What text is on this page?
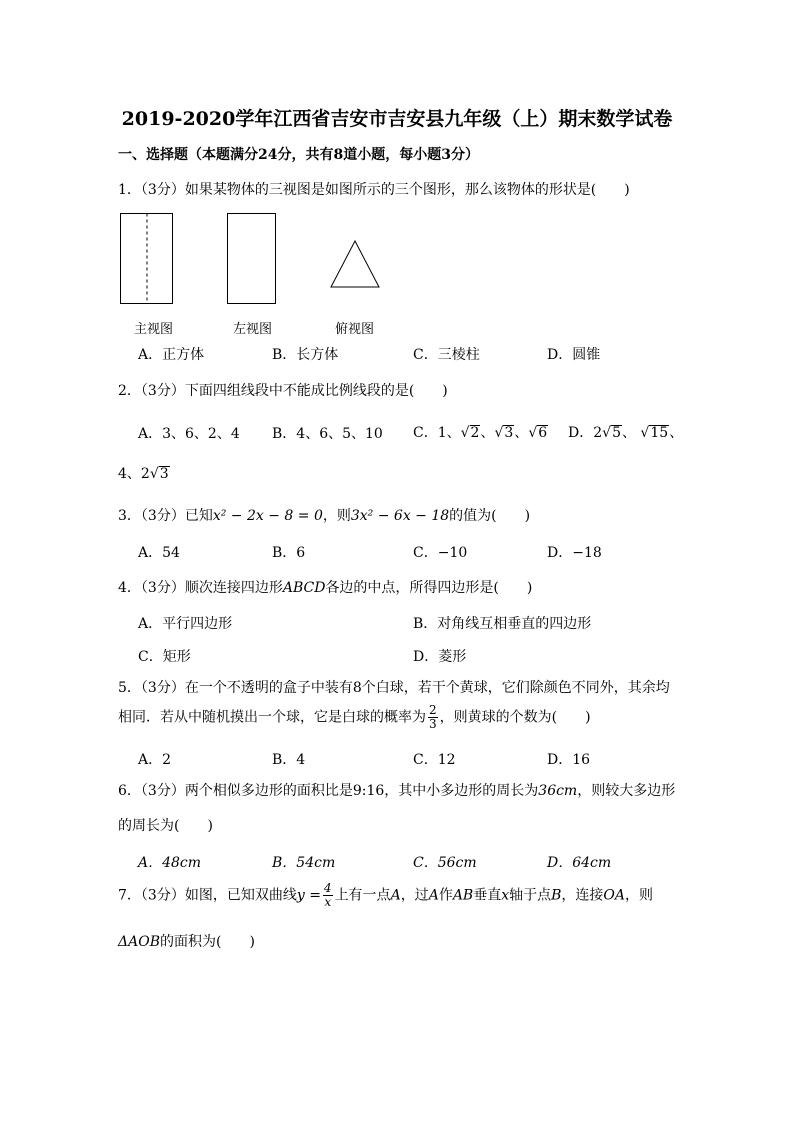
2019-2020学年江西省吉安市吉安县九年级（上）期末数学试卷
一、选择题（本题满分24分，共有8道小题，每小题3分）
1．（3分）如果某物体的三视图是如图所示的三个图形，那么该物体的形状是(　　)
主视图	左视图	俯视图
A．正方体	B．长方体	C．三棱柱	D．圆锥
2．（3分）下面四组线段中不能成比例线段的是(　　)
A．3、6、2、4 B．4、6、5、10 C．1、√2、√3、√6 D．2√5、 √15、
4、2√3
3．（3分）已知x² − 2x − 8 = 0，则3x² − 6x − 18的值为(　　)
A．54	B．6	C．−10	D．−18
4．（3分）顺次连接四边形ABCD各边的中点，所得四边形是(　　)
A．平行四边形	B．对角线互相垂直的四边形
C．矩形	D．菱形
5．（3分）在一个不透明的盒子中装有8个白球，若干个黄球，它们除颜色不同外，其余均
相同．若从中随机摸出一个球，它是白球的概率为 $\frac{2}{3}$ ，则黄球的个数为(　　)
A．2	B．4	C．12	D．16
6．（3分）两个相似多边形的面积比是9:16，其中小多边形的周长为36cm，则较大多边形
的周长为(　　)
A．48cm	B．54cm	C．56cm	D．64cm
7．（3分）如图，已知双曲线$y = \frac{4}{x}$ 上有一点A，过A作AB垂直x轴于点B，连接OA，则
ΔAOB的面积为(　　)
